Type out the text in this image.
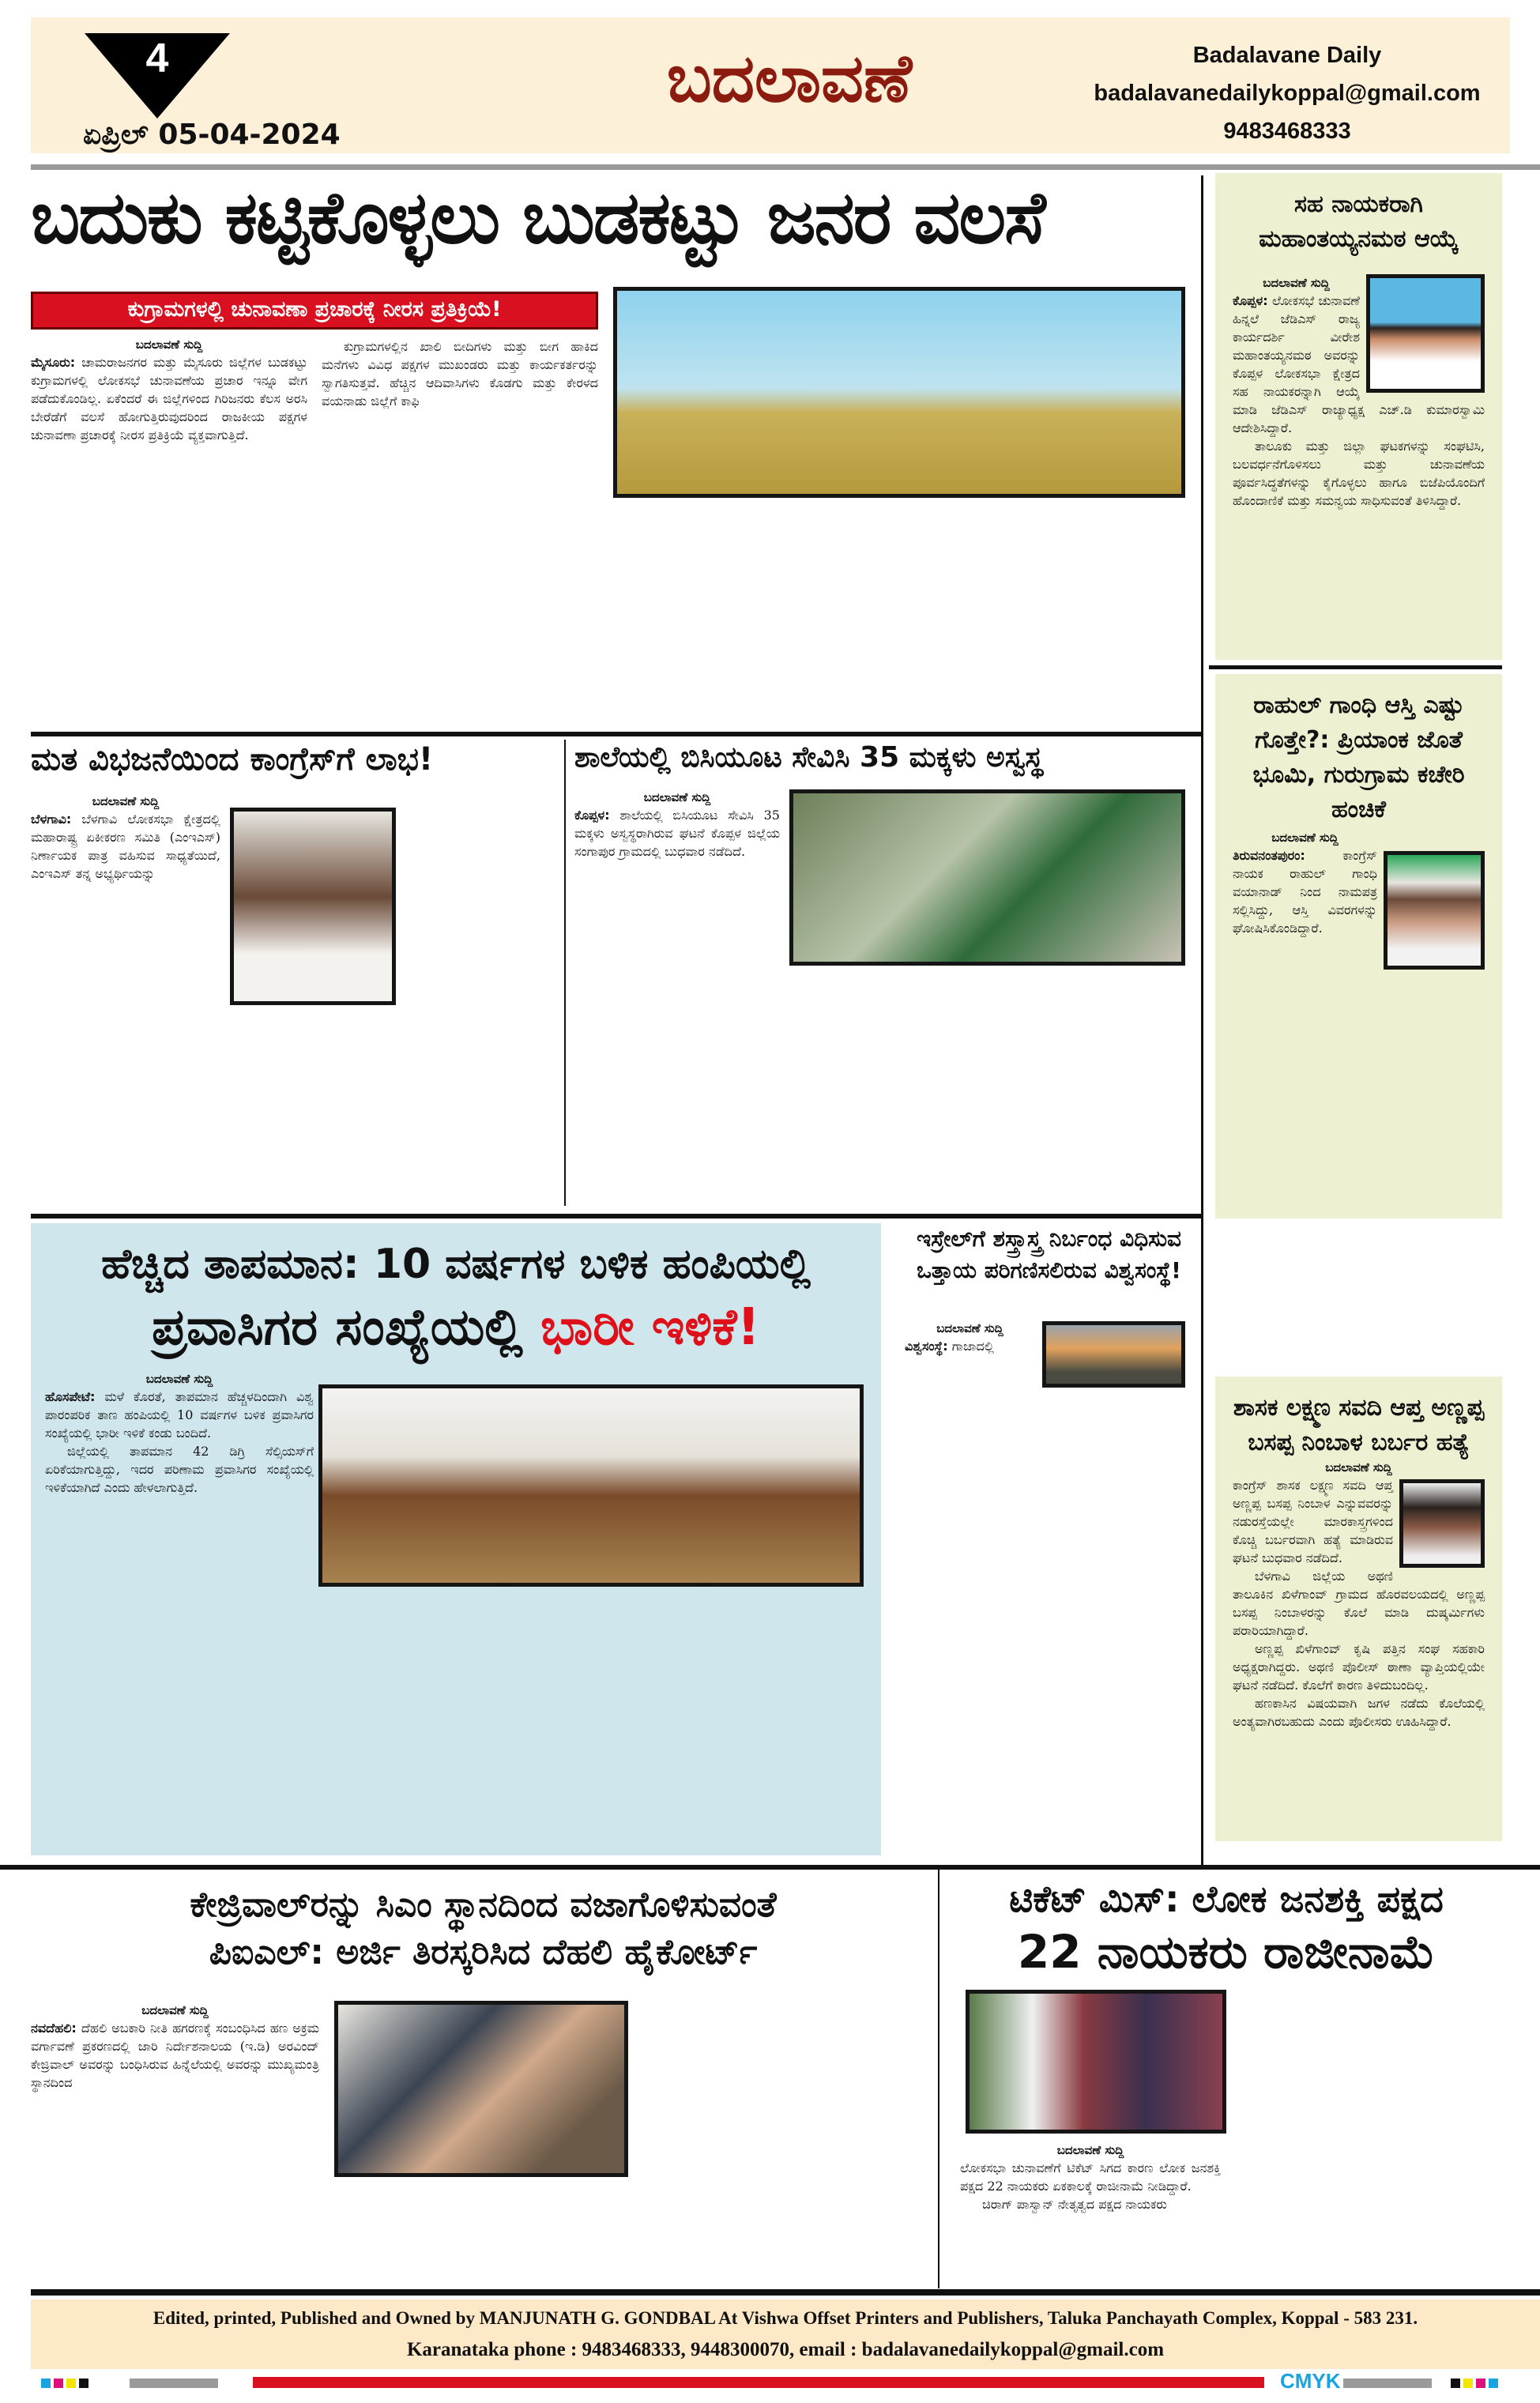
4
ಏಪ್ರಿಲ್ 05-04-2024
ಬದಲಾವಣೆ	Badalavane Daily
badalavanedailykoppal@gmail.com
9483468333
ಬದುಕು ಕಟ್ಟಿಕೊಳ್ಳಲು ಬುಡಕಟ್ಟು ಜನರ ವಲಸೆ
ಕುಗ್ರಾಮಗಳಲ್ಲಿ ಚುನಾವಣಾ ಪ್ರಚಾರಕ್ಕೆ ನೀರಸ ಪ್ರತಿಕ್ರಿಯೆ!
ಬದಲಾವಣೆ ಸುದ್ದಿ

ಮೈಸೂರು: ಚಾಮರಾಜನಗರ ಮತ್ತು ಮೈಸೂರು ಜಿಲ್ಲೆಗಳ ಬುಡಕಟ್ಟು ಕುಗ್ರಾಮಗಳಲ್ಲಿ ಲೋಕಸಭೆ ಚುನಾವಣೆಯ ಪ್ರಚಾರ ಇನ್ನೂ ವೇಗ ಪಡೆದುಕೊಂಡಿಲ್ಲ. ಏಕೆಂದರೆ ಈ ಜಿಲ್ಲೆಗಳಿಂದ ಗಿರಿಜನರು ಕೆಲಸ ಅರಸಿ ಬೇರೆಡೆಗೆ ವಲಸೆ ಹೋಗುತ್ತಿರುವುದರಿಂದ ರಾಜಕೀಯ ಪಕ್ಷಗಳ ಚುನಾವಣಾ ಪ್ರಚಾರಕ್ಕೆ ನೀರಸ ಪ್ರತಿಕ್ರಿಯೆ ವ್ಯಕ್ತವಾಗುತ್ತಿದೆ.

ಕುಗ್ರಾಮಗಳಲ್ಲಿನ ಖಾಲಿ ಬೀದಿಗಳು ಮತ್ತು ಬೀಗ ಹಾಕಿದ ಮನೆಗಳು ವಿವಿಧ ಪಕ್ಷಗಳ ಮುಖಂಡರು ಮತ್ತು ಕಾರ್ಯಕರ್ತರನ್ನು ಸ್ವಾಗತಿಸುತ್ತವೆ. ಹೆಚ್ಚಿನ ಆದಿವಾಸಿಗಳು ಕೊಡಗು ಮತ್ತು ಕೇರಳದ ವಯನಾಡು ಜಿಲ್ಲೆಗೆ ಕಾಫಿ

ಮತ ವಿಭಜನೆಯಿಂದ ಕಾಂಗ್ರೆಸ್‌ಗೆ ಲಾಭ!
ಬದಲಾವಣೆ ಸುದ್ದಿ

ಬೆಳಗಾವಿ: ಬೆಳಗಾವಿ ಲೋಕಸಭಾ ಕ್ಷೇತ್ರದಲ್ಲಿ ಮಹಾರಾಷ್ಟ್ರ ಏಕೀಕರಣ ಸಮಿತಿ (ಎಂಇಎಸ್) ನಿರ್ಣಾಯಕ ಪಾತ್ರ ವಹಿಸುವ ಸಾಧ್ಯತೆಯಿದೆ, ಎಂಇಎಸ್ ತನ್ನ ಅಭ್ಯರ್ಥಿಯನ್ನು

ಶಾಲೆಯಲ್ಲಿ ಬಿಸಿಯೂಟ ಸೇವಿಸಿ 35 ಮಕ್ಕಳು ಅಸ್ವಸ್ಥ
ಬದಲಾವಣೆ ಸುದ್ದಿ

ಕೊಪ್ಪಳ: ಶಾಲೆಯಲ್ಲಿ ಬಿಸಿಯೂಟ ಸೇವಿಸಿ 35 ಮಕ್ಕಳು ಅಸ್ವಸ್ಥರಾಗಿರುವ ಘಟನೆ ಕೊಪ್ಪಳ ಜಿಲ್ಲೆಯ ಸಂಗಾಪುರ ಗ್ರಾಮದಲ್ಲಿ ಬುಧವಾರ ನಡೆದಿದೆ.

ಹೆಚ್ಚಿದ ತಾಪಮಾನ: 10 ವರ್ಷಗಳ ಬಳಿಕ ಹಂಪಿಯಲ್ಲಿ
ಪ್ರವಾಸಿಗರ ಸಂಖ್ಯೆಯಲ್ಲಿ ಭಾರೀ ಇಳಿಕೆ!
ಬದಲಾವಣೆ ಸುದ್ದಿ

ಹೊಸಪೇಟೆ: ಮಳೆ ಕೊರತೆ, ತಾಪಮಾನ ಹೆಚ್ಚಳದಿಂದಾಗಿ ವಿಶ್ವ ಪಾರಂಪರಿಕ ತಾಣ ಹಂಪಿಯಲ್ಲಿ 10 ವರ್ಷಗಳ ಬಳಿಕ ಪ್ರವಾಸಿಗರ ಸಂಖ್ಯೆಯಲ್ಲಿ ಭಾರೀ ಇಳಿಕೆ ಕಂಡು ಬಂದಿದೆ.

ಜಿಲ್ಲೆಯಲ್ಲಿ ತಾಪಮಾನ 42 ಡಿಗ್ರಿ ಸೆಲ್ಸಿಯಸ್‌ಗೆ ಏರಿಕೆಯಾಗುತ್ತಿದ್ದು, ಇದರ ಪರಿಣಾಮ ಪ್ರವಾಸಿಗರ ಸಂಖ್ಯೆಯಲ್ಲಿ ಇಳಿಕೆಯಾಗಿದೆ ಎಂದು ಹೇಳಲಾಗುತ್ತಿದೆ.

ಇಸ್ರೇಲ್‌ಗೆ ಶಸ್ತ್ರಾಸ್ತ್ರ ನಿರ್ಬಂಧ ವಿಧಿಸುವ ಒತ್ತಾಯ ಪರಿಗಣಿಸಲಿರುವ ವಿಶ್ವಸಂಸ್ಥೆ!
ಬದಲಾವಣೆ ಸುದ್ದಿ

ವಿಶ್ವಸಂಸ್ಥೆ: ಗಾಜಾದಲ್ಲಿ

ಸಹ ನಾಯಕರಾಗಿ ಮಹಾಂತಯ್ಯನಮಠ ಆಯ್ಕೆ
ಬದಲಾವಣೆ ಸುದ್ದಿ

ಕೊಪ್ಪಳ: ಲೋಕಸಭೆ ಚುನಾವಣೆ ಹಿನ್ನಲೆ ಜೆಡಿಎಸ್ ರಾಜ್ಯ ಕಾರ್ಯದರ್ಶಿ ವೀರೇಶ ಮಹಾಂತಯ್ಯನಮಠ ಅವರನ್ನು ಕೊಪ್ಪಳ ಲೋಕಸಭಾ ಕ್ಷೇತ್ರದ ಸಹ ನಾಯಕರನ್ನಾಗಿ ಆಯ್ಕೆ ಮಾಡಿ ಜೆಡಿಎಸ್ ರಾಜ್ಯಾಧ್ಯಕ್ಷ ಎಚ್.ಡಿ ಕುಮಾರಸ್ವಾಮಿ ಆದೇಶಿಸಿದ್ದಾರೆ.

ತಾಲೂಕು ಮತ್ತು ಜಿಲ್ಲಾ ಘಟಕಗಳನ್ನು ಸಂಘಟಿಸಿ, ಬಲವರ್ಧನೆಗೊಳಿಸಲು ಮತ್ತು ಚುನಾವಣೆಯ ಪೂರ್ವಸಿದ್ಧತೆಗಳನ್ನು ಕೈಗೊಳ್ಳಲು ಹಾಗೂ ಬಿಜೆಪಿಯೊಂದಿಗೆ ಹೊಂದಾಣಿಕೆ ಮತ್ತು ಸಮನ್ವಯ ಸಾಧಿಸುವಂತೆ ತಿಳಿಸಿದ್ದಾರೆ.

ರಾಹುಲ್ ಗಾಂಧಿ ಆಸ್ತಿ ಎಷ್ಟು ಗೊತ್ತೇ?: ಪ್ರಿಯಾಂಕ ಜೊತೆ ಭೂಮಿ, ಗುರುಗ್ರಾಮ ಕಚೇರಿ ಹಂಚಿಕೆ
ಬದಲಾವಣೆ ಸುದ್ದಿ

ತಿರುವನಂತಪುರಂ:	ಕಾಂಗ್ರೆಸ್ ನಾಯಕ ರಾಹುಲ್ ಗಾಂಧಿ ವಯಾನಾಡ್ ನಿಂದ ನಾಮಪತ್ರ ಸಲ್ಲಿಸಿದ್ದು, ಆಸ್ತಿ ವಿವರಗಳನ್ನು ಘೋಷಿಸಿಕೊಂಡಿದ್ದಾರೆ.

ಶಾಸಕ ಲಕ್ಷ್ಮಣ ಸವದಿ ಆಪ್ತ ಅಣ್ಣಪ್ಪ ಬಸಪ್ಪ ನಿಂಬಾಳ ಬರ್ಬರ ಹತ್ಯೆ
ಬದಲಾವಣೆ ಸುದ್ದಿ

ಕಾಂಗ್ರೆಸ್ ಶಾಸಕ ಲಕ್ಷ್ಮಣ ಸವದಿ ಆಪ್ತ ಅಣ್ಣಪ್ಪ ಬಸಪ್ಪ ನಿಂಬಾಳ ಎನ್ನುವವರನ್ನು ನಡುರಸ್ತೆಯಲ್ಲೇ ಮಾರಕಾಸ್ತ್ರಗಳಿಂದ ಕೊಚ್ಚಿ ಬರ್ಬರವಾಗಿ ಹತ್ಯೆ ಮಾಡಿರುವ ಘಟನೆ ಬುಧವಾರ ನಡೆದಿದೆ.

ಬೆಳಗಾವಿ ಜಿಲ್ಲೆಯ ಅಥಣಿ ತಾಲೂಕಿನ ಖಿಳೆಗಾಂವ್ ಗ್ರಾಮದ ಹೊರವಲಯದಲ್ಲಿ ಅಣ್ಣಪ್ಪ ಬಸಪ್ಪ ನಿಂಬಾಳರನ್ನು ಕೊಲೆ ಮಾಡಿ ದುಷ್ಕರ್ಮಿಗಳು ಪರಾರಿಯಾಗಿದ್ದಾರೆ.

ಅಣ್ಣಪ್ಪ ಖಿಳೆಗಾಂವ್ ಕೃಷಿ ಪತ್ತಿನ ಸಂಘ ಸಹಕಾರಿ ಅಧ್ಯಕ್ಷರಾಗಿದ್ದರು. ಅಥಣಿ ಪೊಲೀಸ್ ಠಾಣಾ ವ್ಯಾಪ್ತಿಯಲ್ಲಿಯೇ ಘಟನೆ ನಡೆದಿದೆ. ಕೊಲೆಗೆ ಕಾರಣ ತಿಳಿದುಬಂದಿಲ್ಲ.

ಹಣಕಾಸಿನ ವಿಷಯವಾಗಿ ಜಗಳ ನಡೆದು ಕೊಲೆಯಲ್ಲಿ ಅಂತ್ಯವಾಗಿರಬಹುದು ಎಂದು ಪೊಲೀಸರು ಊಹಿಸಿದ್ದಾರೆ.

ಕೇಜ್ರಿವಾಲ್‌ರನ್ನು ಸಿಎಂ ಸ್ಥಾನದಿಂದ ವಜಾಗೊಳಿಸುವಂತೆ
ಪಿಐಎಲ್: ಅರ್ಜಿ ತಿರಸ್ಕರಿಸಿದ ದೆಹಲಿ ಹೈಕೋರ್ಟ್
ಬದಲಾವಣೆ ಸುದ್ದಿ

ನವದೆಹಲಿ: ದೆಹಲಿ ಅಬಕಾರಿ ನೀತಿ ಹಗರಣಕ್ಕೆ ಸಂಬಂಧಿಸಿದ ಹಣ ಅಕ್ರಮ ವರ್ಗಾವಣೆ ಪ್ರಕರಣದಲ್ಲಿ ಜಾರಿ ನಿರ್ದೇಶನಾಲಯ (ಇ.ಡಿ) ಅರವಿಂದ್ ಕೇಜ್ರಿವಾಲ್ ಅವರನ್ನು ಬಂಧಿಸಿರುವ ಹಿನ್ನೆಲೆಯಲ್ಲಿ ಅವರನ್ನು ಮುಖ್ಯಮಂತ್ರಿ ಸ್ಥಾನದಿಂದ

ಟಿಕೆಟ್ ಮಿಸ್: ಲೋಕ ಜನಶಕ್ತಿ ಪಕ್ಷದ
22 ನಾಯಕರು ರಾಜೀನಾಮೆ
ಬದಲಾವಣೆ ಸುದ್ದಿ

ಲೋಕಸಭಾ ಚುನಾವಣೆಗೆ ಟಿಕೆಟ್ ಸಿಗದ ಕಾರಣ ಲೋಕ ಜನಶಕ್ತಿ ಪಕ್ಷದ 22 ನಾಯಕರು ಏಕಕಾಲಕ್ಕೆ ರಾಜೀನಾಮೆ ನೀಡಿದ್ದಾರೆ.

ಚಿರಾಗ್ ಪಾಸ್ವಾನ್ ನೇತೃತ್ವದ ಪಕ್ಷದ ನಾಯಕರು

Edited, printed, Published and Owned by MANJUNATH G. GONDBAL At Vishwa Offset Printers and Publishers, Taluka Panchayath Complex, Koppal - 583 231.
Karanataka phone : 9483468333, 9448300070, email : badalavanedailykoppal@gmail.com
CMYK
